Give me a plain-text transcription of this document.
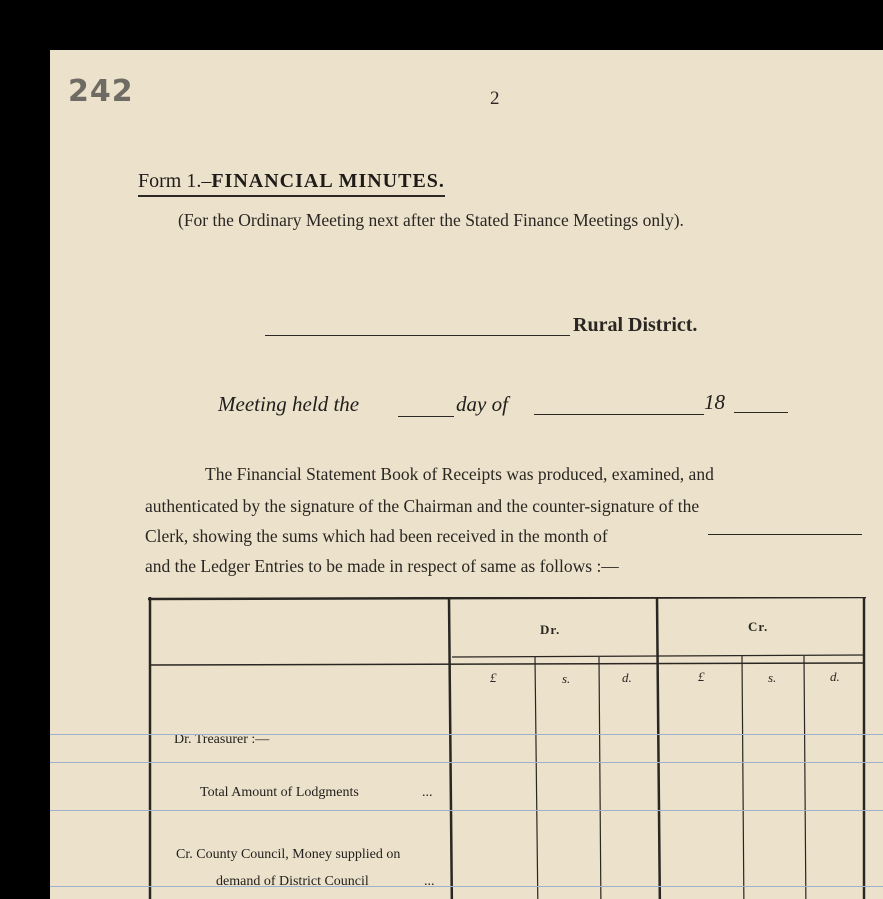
242	2
Form 1.–FINANCIAL MINUTES.
(For the Ordinary Meeting next after the Stated Finance Meetings only).
Rural District.
Meeting held the	day of	18
The Financial Statement Book of Receipts was produced, examined, and
authenticated by the signature of the Chairman and the counter-signature of the
Clerk, showing the sums which had been received in the month of
and the Ledger Entries to be made in respect of same as follows :—
Dr.	Cr.
£	s.	d.	£	s.	d.
Dr. Treasurer :—
Total Amount of Lodgments	...
Cr. County Council, Money supplied on
demand of District Council	...
